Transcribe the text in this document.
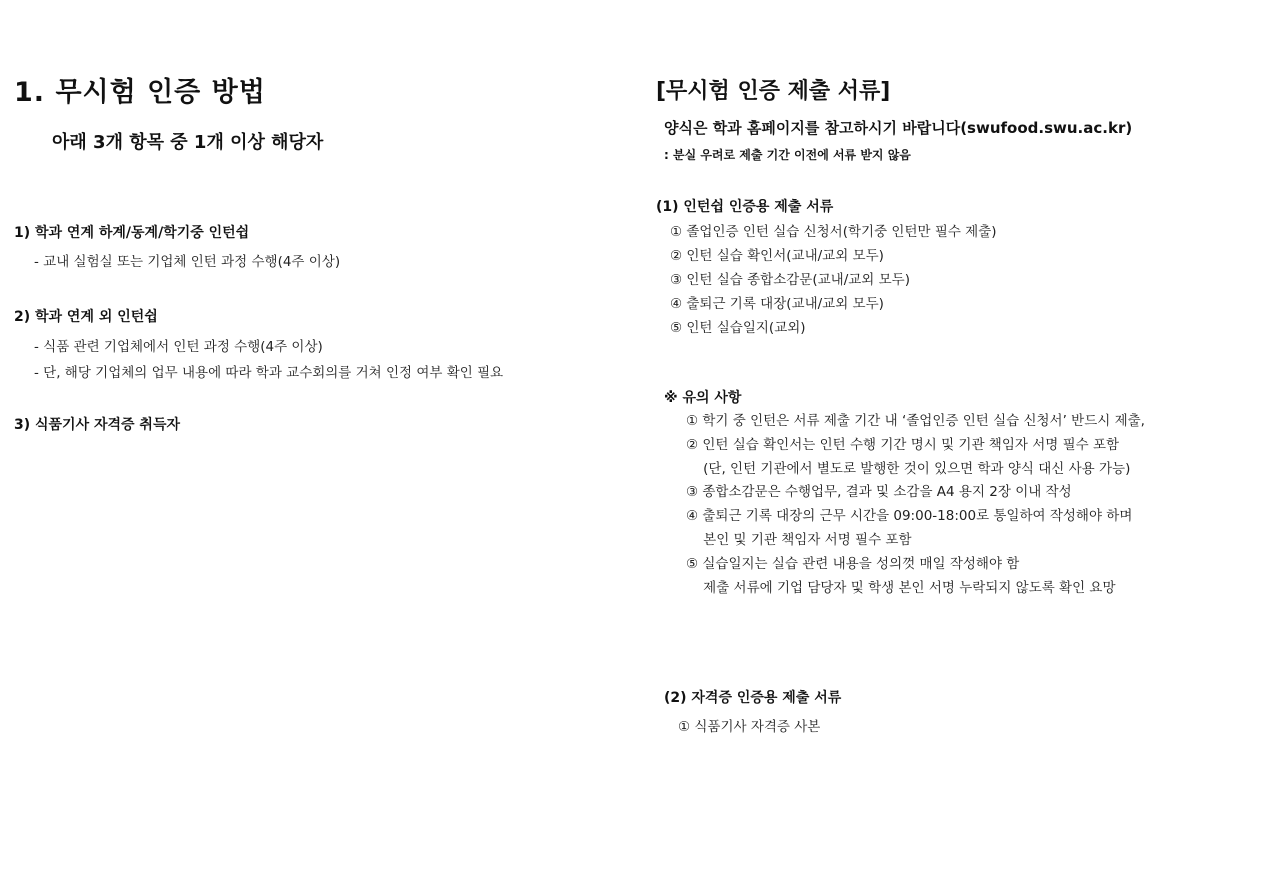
1. 무시험 인증 방법
아래 3개 항목 중 1개 이상 해당자
1) 학과 연계 하계/동계/학기중 인턴쉽
- 교내 실험실 또는 기업체 인턴 과정 수행(4주 이상)
2) 학과 연계 외 인턴쉽
- 식품 관련 기업체에서 인턴 과정 수행(4주 이상)
- 단, 해당 기업체의 업무 내용에 따라 학과 교수회의를 거쳐 인정 여부 확인 필요
3) 식품기사 자격증 취득자
[무시험 인증 제출 서류]
양식은 학과 홈페이지를 참고하시기 바랍니다(swufood.swu.ac.kr)
: 분실 우려로 제출 기간 이전에 서류 받지 않음
(1) 인턴쉽 인증용 제출 서류
① 졸업인증 인턴 실습 신청서(학기중 인턴만 필수 제출)
② 인턴 실습 확인서(교내/교외 모두)
③ 인턴 실습 종합소감문(교내/교외 모두)
④ 출퇴근 기록 대장(교내/교외 모두)
⑤ 인턴 실습일지(교외)
※ 유의 사항
① 학기 중 인턴은 서류 제출 기간 내 ‘졸업인증 인턴 실습 신청서’ 반드시 제출,
② 인턴 실습 확인서는 인턴 수행 기간 명시 및 기관 책임자 서명 필수 포함
(단, 인턴 기관에서 별도로 발행한 것이 있으면 학과 양식 대신 사용 가능)
③ 종합소감문은 수행업무, 결과 및 소감을 A4 용지 2장 이내 작성
④ 출퇴근 기록 대장의 근무 시간을 09:00-18:00로 통일하여 작성해야 하며
본인 및 기관 책임자 서명 필수 포함
⑤ 실습일지는 실습 관련 내용을 성의껏 매일 작성해야 함
제출 서류에 기업 담당자 및 학생 본인 서명 누락되지 않도록 확인 요망
(2) 자격증 인증용 제출 서류
① 식품기사 자격증 사본
